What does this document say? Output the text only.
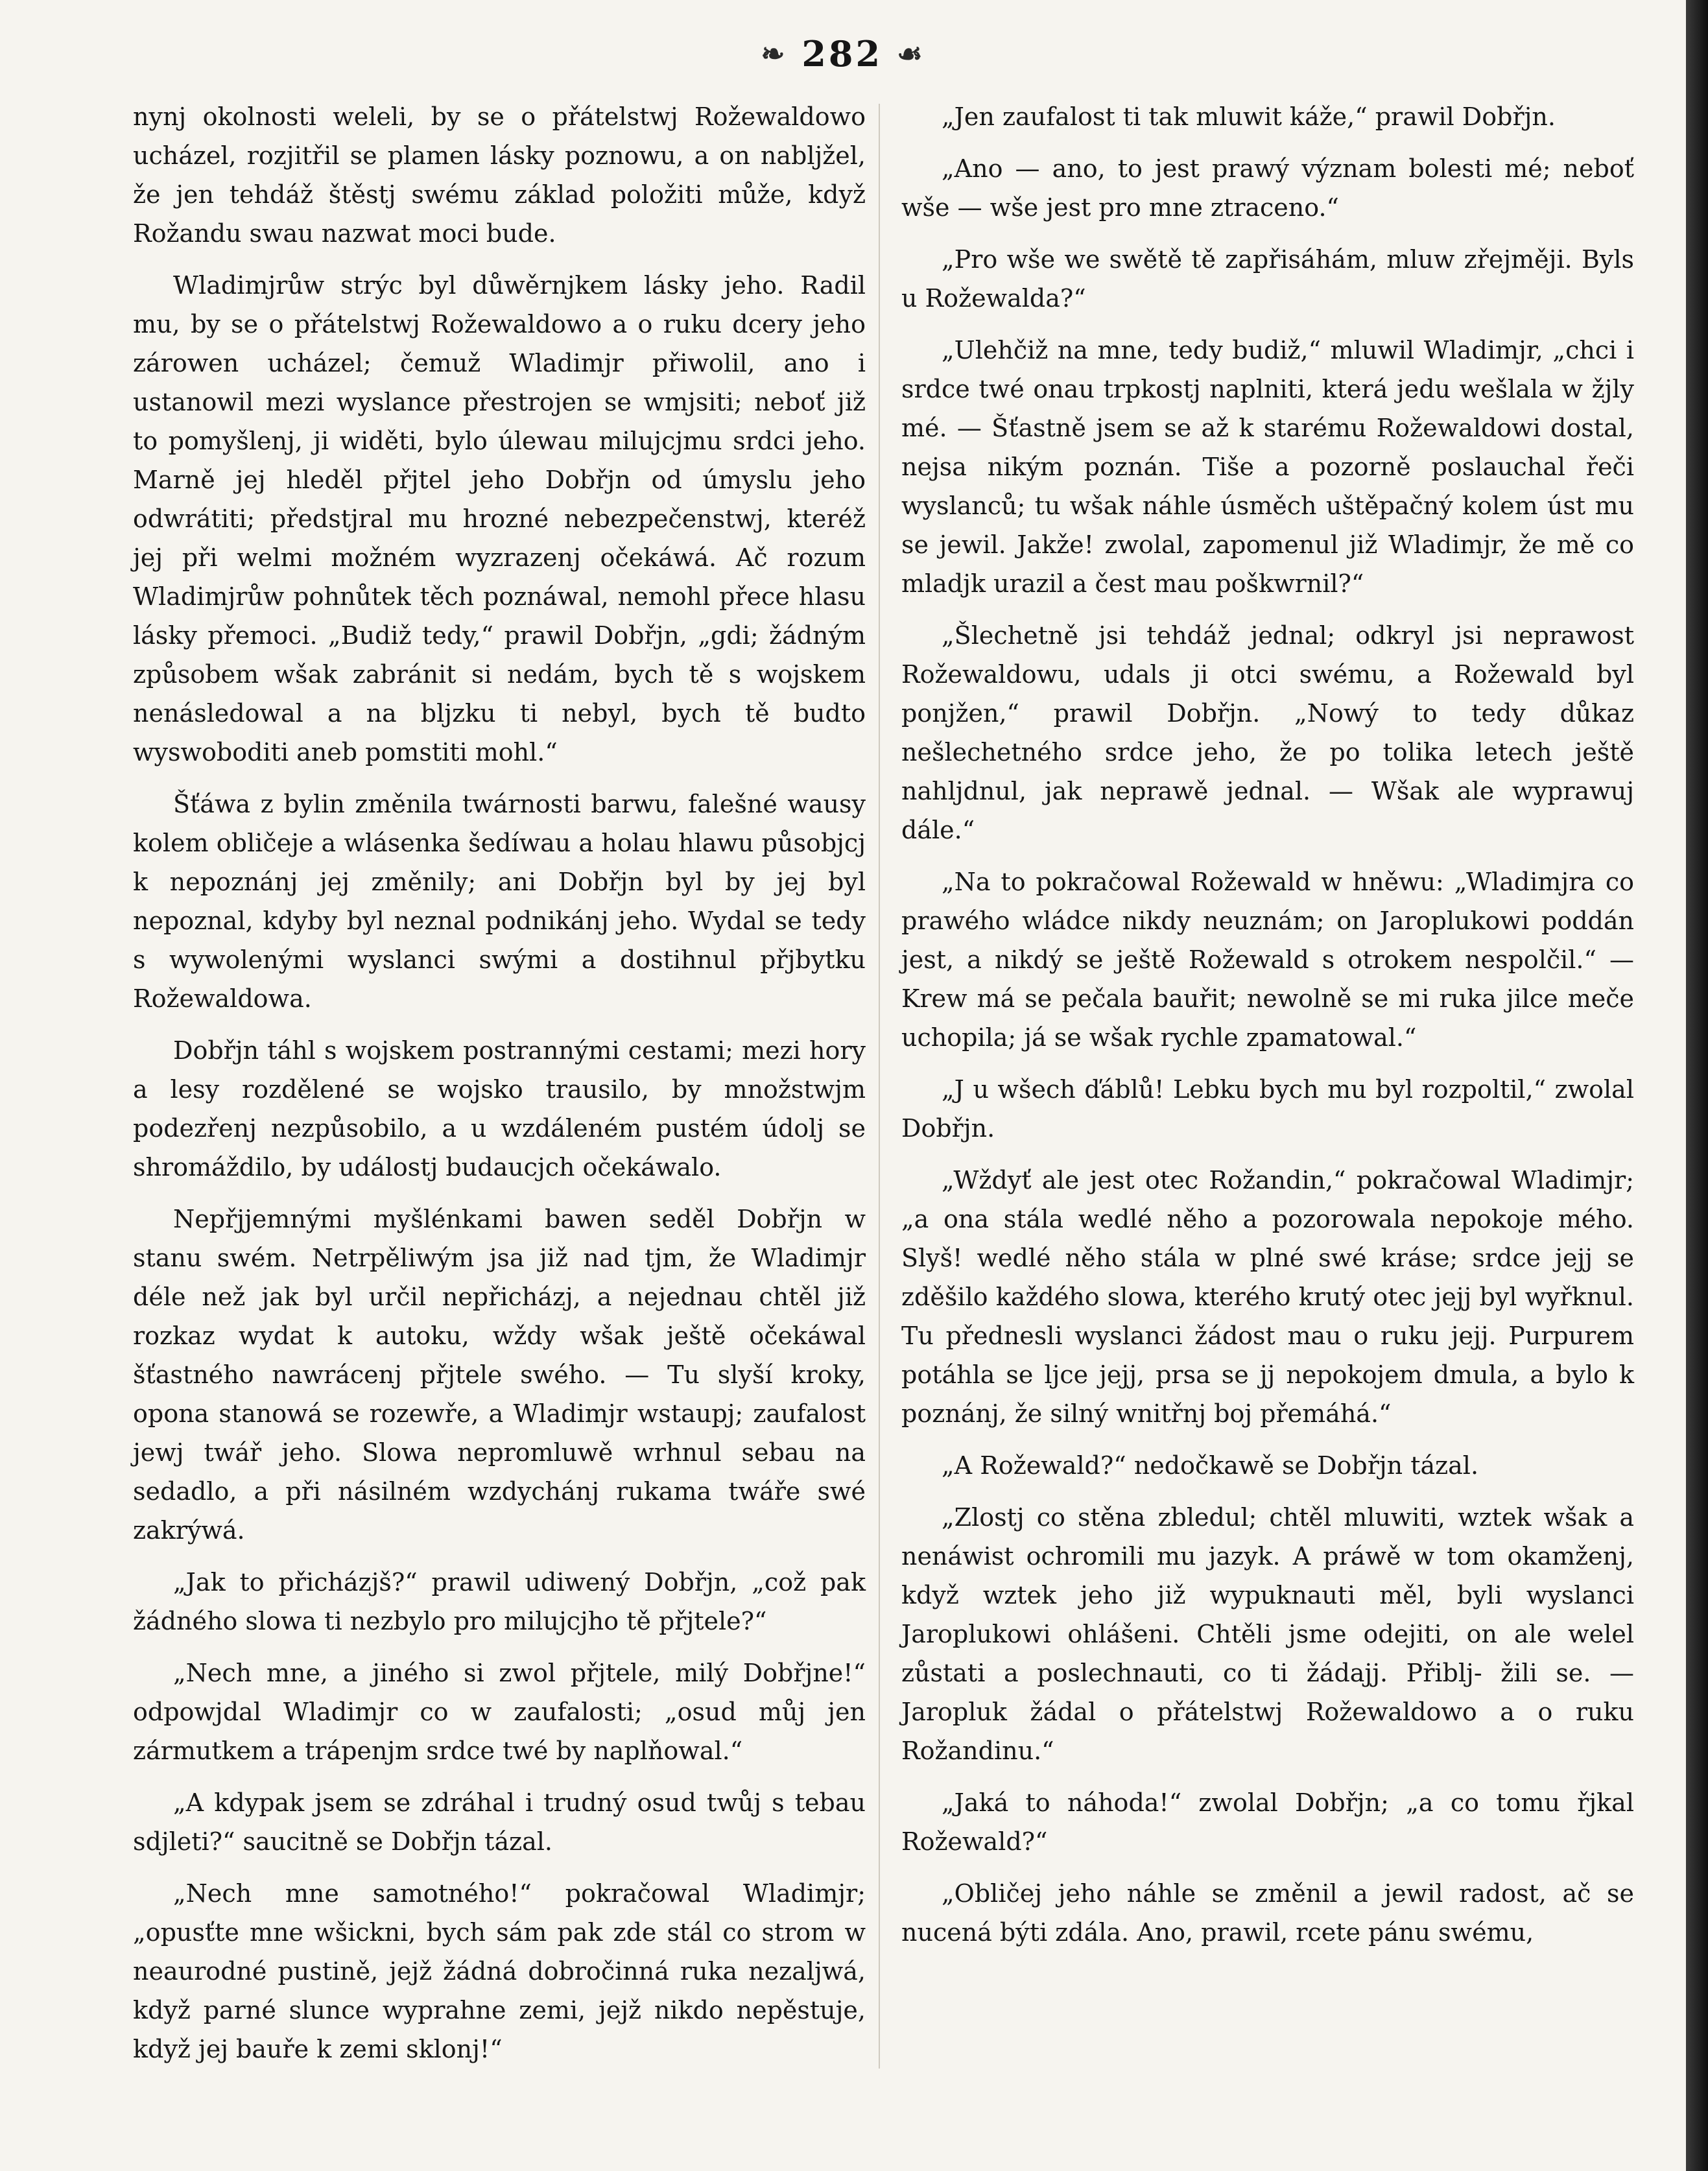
❧ 282 ☙

nynj okolnosti weleli, by se o přátelstwj Rožewaldowo ucházel, rozjitřil se plamen lásky poznowu, a on nabljžel, že jen tehdáž štěstj swému základ položiti může, když Rožandu swau nazwat moci bude.

Wladimjrůw strýc byl důwěrnjkem lásky jeho. Radil mu, by se o přátelstwj Rožewaldowo a o ruku dcery jeho zárowen ucházel; čemuž Wladimjr přiwolil, ano i ustanowil mezi wyslance přestrojen se wmjsiti; neboť již to pomyšlenj, ji widěti, bylo úlewau milujcjmu srdci jeho. Marně jej hleděl přjtel jeho Dobřjn od úmyslu jeho odwrátiti; předstjral mu hrozné nebezpečenstwj, kteréž jej při welmi možném wyzrazenj očekáwá. Ač rozum Wladimjrůw pohnůtek těch poznáwal, nemohl přece hlasu lásky přemoci. „Budiž tedy,“ prawil Dobřjn, „gdi; žádným způsobem wšak zabránit si nedám, bych tě s wojskem nenásledowal a na bljzku ti nebyl, bych tě budto wyswoboditi aneb pomstiti mohl.“

Šťáwa z bylin změnila twárnosti barwu, falešné wausy kolem obličeje a wlásenka šedíwau a holau hlawu působjcj k nepoznánj jej změnily; ani Dobřjn byl by jej byl nepoznal, kdyby byl neznal podnikánj jeho. Wydal se tedy s wywolenými wyslanci swými a dostihnul přjbytku Rožewaldowa.

Dobřjn táhl s wojskem postrannými cestami; mezi hory a lesy rozdělené se wojsko trausilo, by množstwjm podezřenj nezpůsobilo, a u wzdáleném pustém údolj se shromáždilo, by událostj budaucjch očekáwalo.

Nepřjjemnými myšlénkami bawen seděl Dobřjn w stanu swém. Netrpěliwým jsa již nad tjm, že Wladimjr déle než jak byl určil nepřicházj, a nejednau chtěl již rozkaz wydat k autoku, wždy wšak ještě očekáwal šťastného nawrácenj přjtele swého. — Tu slyší kroky, opona stanowá se rozewře, a Wladimjr wstaupj; zaufalost jewj twář jeho. Slowa nepromluwě wrhnul sebau na sedadlo, a při násilném wzdychánj rukama twáře swé zakrýwá.

„Jak to přicházjš?“ prawil udiwený Dobřjn, „což pak žádného slowa ti nezbylo pro milujcjho tě přjtele?“

„Nech mne, a jiného si zwol přjtele, milý Dobřjne!“ odpowjdal Wladimjr co w zaufalosti; „osud můj jen zármutkem a trápenjm srdce twé by naplňowal.“

„A kdypak jsem se zdráhal i trudný osud twůj s tebau sdjleti?“ saucitně se Dobřjn tázal.

„Nech mne samotného!“ pokračowal Wladimjr; „opusťte mne wšickni, bych sám pak zde stál co strom w neaurodné pustině, jejž žádná dobročinná ruka nezaljwá, když parné slunce wyprahne zemi, jejž nikdo nepěstuje, když jej bauře k zemi sklonj!“

„Jen zaufalost ti tak mluwit káže,“ prawil Dobřjn.

„Ano — ano, to jest prawý význam bolesti mé; neboť wše — wše jest pro mne ztraceno.“

„Pro wše we swětě tě zapřisáhám, mluw zřejměji. Byls u Rožewalda?“

„Ulehčiž na mne, tedy budiž,“ mluwil Wladimjr, „chci i srdce twé onau trpkostj naplniti, která jedu wešlala w žjly mé. — Šťastně jsem se až k starému Rožewaldowi dostal, nejsa nikým poznán. Tiše a pozorně poslauchal řeči wyslanců; tu wšak náhle úsměch uštěpačný kolem úst mu se jewil. Jakže! zwolal, zapomenul již Wladimjr, že mě co mladjk urazil a čest mau poškwrnil?“

„Šlechetně jsi tehdáž jednal; odkryl jsi neprawost Rožewaldowu, udals ji otci swému, a Rožewald byl ponjžen,“ prawil Dobřjn. „Nowý to tedy důkaz nešlechetného srdce jeho, že po tolika letech ještě nahljdnul, jak neprawě jednal. — Wšak ale wyprawuj dále.“

„Na to pokračowal Rožewald w hněwu: „Wladimjra co prawého wládce nikdy neuznám; on Jaroplukowi poddán jest, a nikdý se ještě Rožewald s otrokem nespolčil.“ — Krew má se pečala bauřit; newolně se mi ruka jilce meče uchopila; já se wšak rychle zpamatowal.“

„J u wšech ďáblů! Lebku bych mu byl rozpoltil,“ zwolal Dobřjn.

„Wždyť ale jest otec Rožandin,“ pokračowal Wladimjr; „a ona stála wedlé něho a pozorowala nepokoje mého. Slyš! wedlé něho stála w plné swé kráse; srdce jejj se zděšilo každého slowa, kterého krutý otec jejj byl wyřknul. Tu přednesli wyslanci žádost mau o ruku jejj. Purpurem potáhla se ljce jejj, prsa se jj nepokojem dmula, a bylo k poznánj, že silný wnitřnj boj přemáhá.“

„A Rožewald?“ nedočkawě se Dobřjn tázal.

„Zlostj co stěna zbledul; chtěl mluwiti, wztek wšak a nenáwist ochromili mu jazyk. A práwě w tom okamženj, když wztek jeho již wypuknauti měl, byli wyslanci Jaroplukowi ohlášeni. Chtěli jsme odejiti, on ale welel zůstati a poslechnauti, co ti žádajj. Přiblj- žili se. — Jaropluk žádal o přátelstwj Rožewaldowo a o ruku Rožandinu.“

„Jaká to náhoda!“ zwolal Dobřjn; „a co tomu řjkal Rožewald?“

„Obličej jeho náhle se změnil a jewil radost, ač se nucená býti zdála. Ano, prawil, rcete pánu swému,
